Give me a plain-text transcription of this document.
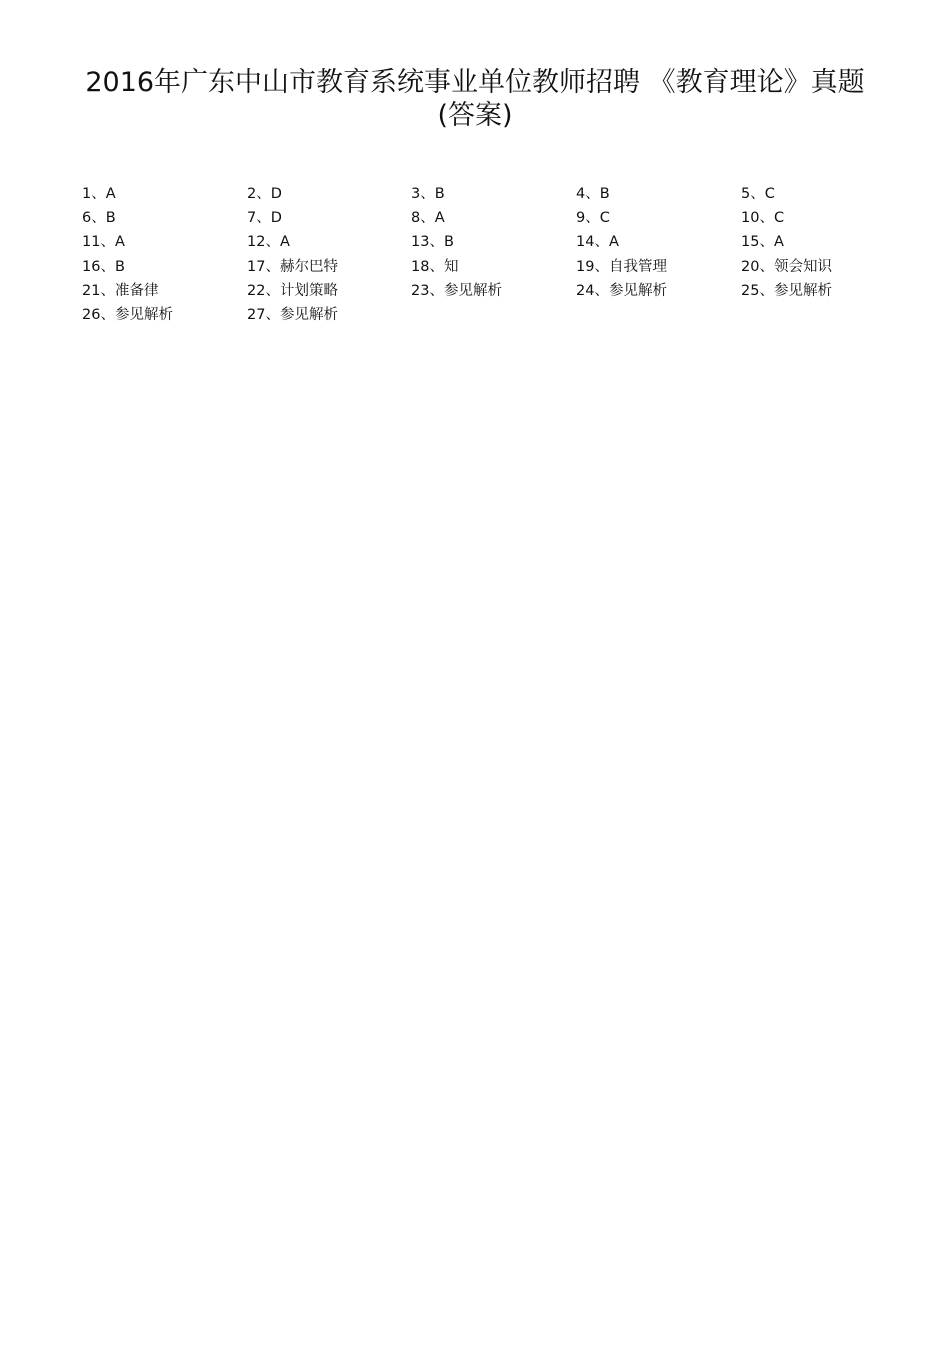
2016年广东中山市教育系统事业单位教师招聘 《教育理论》真题
(答案)
1、A	2、D	3、B	4、B	5、C
6、B	7、D	8、A	9、C	10、C
11、A	12、A	13、B	14、A	15、A
16、B	17、赫尔巴特	18、知	19、自我管理	20、领会知识
21、准备律	22、计划策略	23、参见解析	24、参见解析	25、参见解析
26、参见解析	27、参见解析
